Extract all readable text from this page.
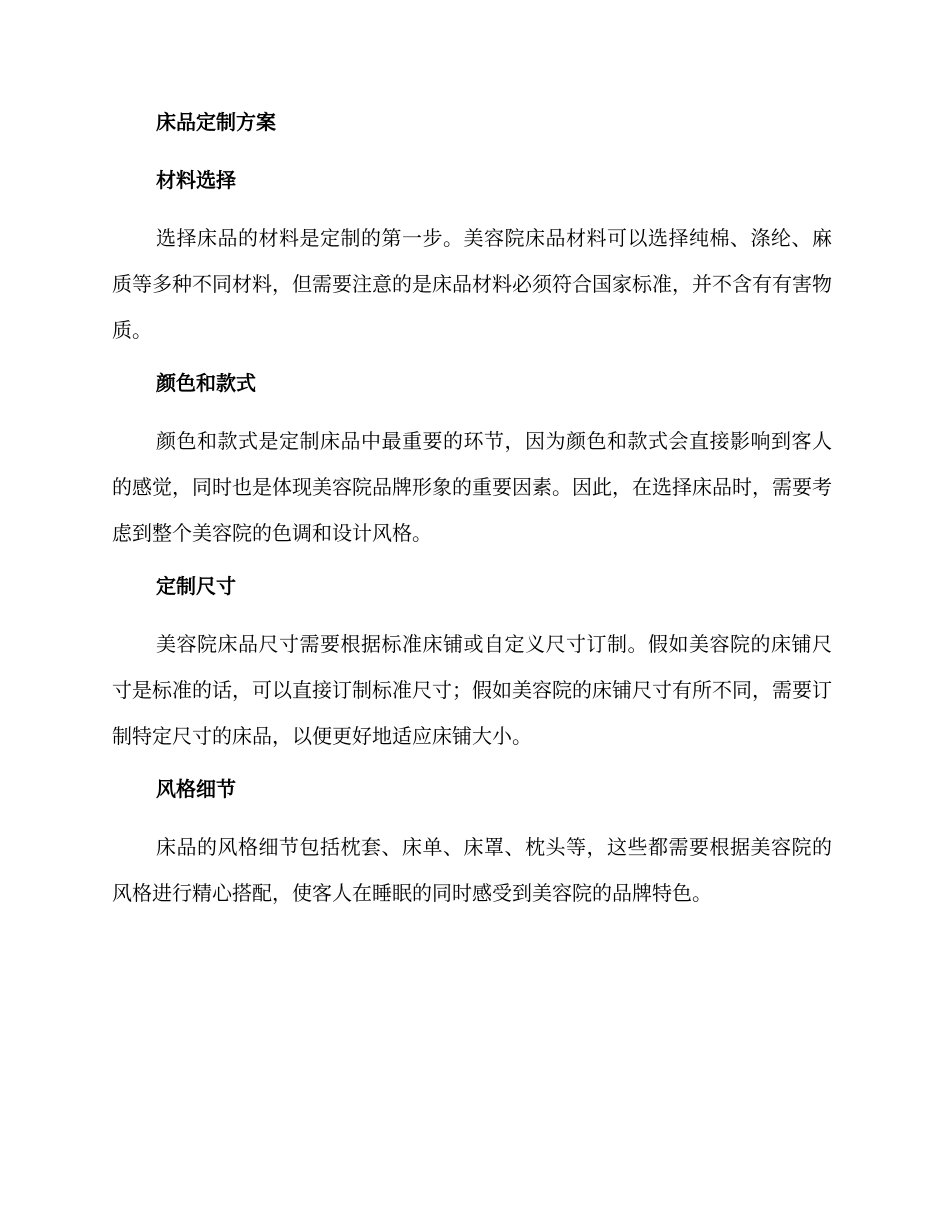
床品定制方案
材料选择

选择床品的材料是定制的第一步。美容院床品材料可以选择纯棉、涤纶、麻质等多种不同材料，但需要注意的是床品材料必须符合国家标准，并不含有有害物质。

颜色和款式

颜色和款式是定制床品中最重要的环节，因为颜色和款式会直接影响到客人的感觉，同时也是体现美容院品牌形象的重要因素。因此，在选择床品时，需要考虑到整个美容院的色调和设计风格。

定制尺寸

美容院床品尺寸需要根据标准床铺或自定义尺寸订制。假如美容院的床铺尺寸是标准的话，可以直接订制标准尺寸；假如美容院的床铺尺寸有所不同，需要订制特定尺寸的床品，以便更好地适应床铺大小。

风格细节

床品的风格细节包括枕套、床单、床罩、枕头等，这些都需要根据美容院的风格进行精心搭配，使客人在睡眠的同时感受到美容院的品牌特色。
